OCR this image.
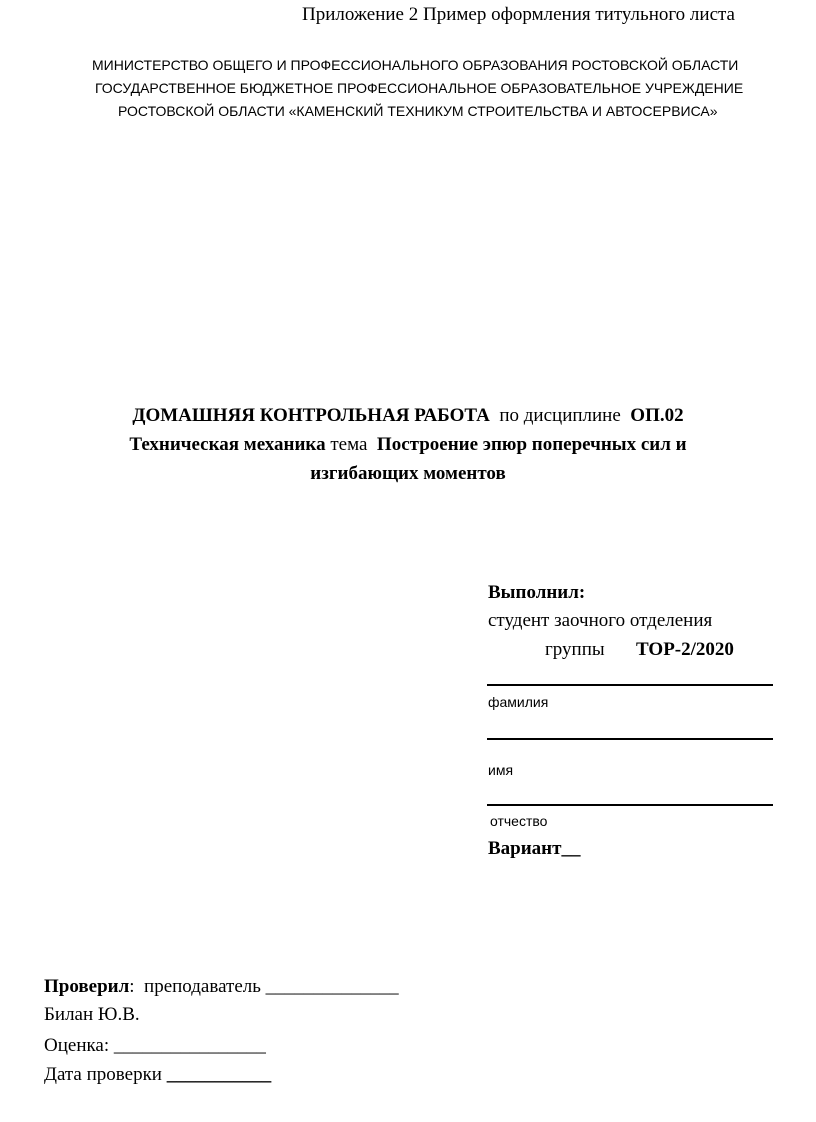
Приложение 2 Пример оформления титульного листа
МИНИСТЕРСТВО ОБЩЕГО И ПРОФЕССИОНАЛЬНОГО ОБРАЗОВАНИЯ РОСТОВСКОЙ ОБЛАСТИ
ГОСУДАРСТВЕННОЕ БЮДЖЕТНОЕ ПРОФЕССИОНАЛЬНОЕ ОБРАЗОВАТЕЛЬНОЕ УЧРЕЖДЕНИЕ
РОСТОВСКОЙ ОБЛАСТИ «КАМЕНСКИЙ ТЕХНИКУМ СТРОИТЕЛЬСТВА И АВТОСЕРВИСА»
ДОМАШНЯЯ КОНТРОЛЬНАЯ РАБОТА по дисциплине ОП.02
Техническая механика тема Построение эпюр поперечных сил и
изгибающих моментов
Выполнил:
студент заочного отделения
группы ТОР-2/2020
фамилия
имя
отчество
Вариант__
Проверил: преподаватель ______________
Билан Ю.В.
Оценка: ________________
Дата проверки ___________
